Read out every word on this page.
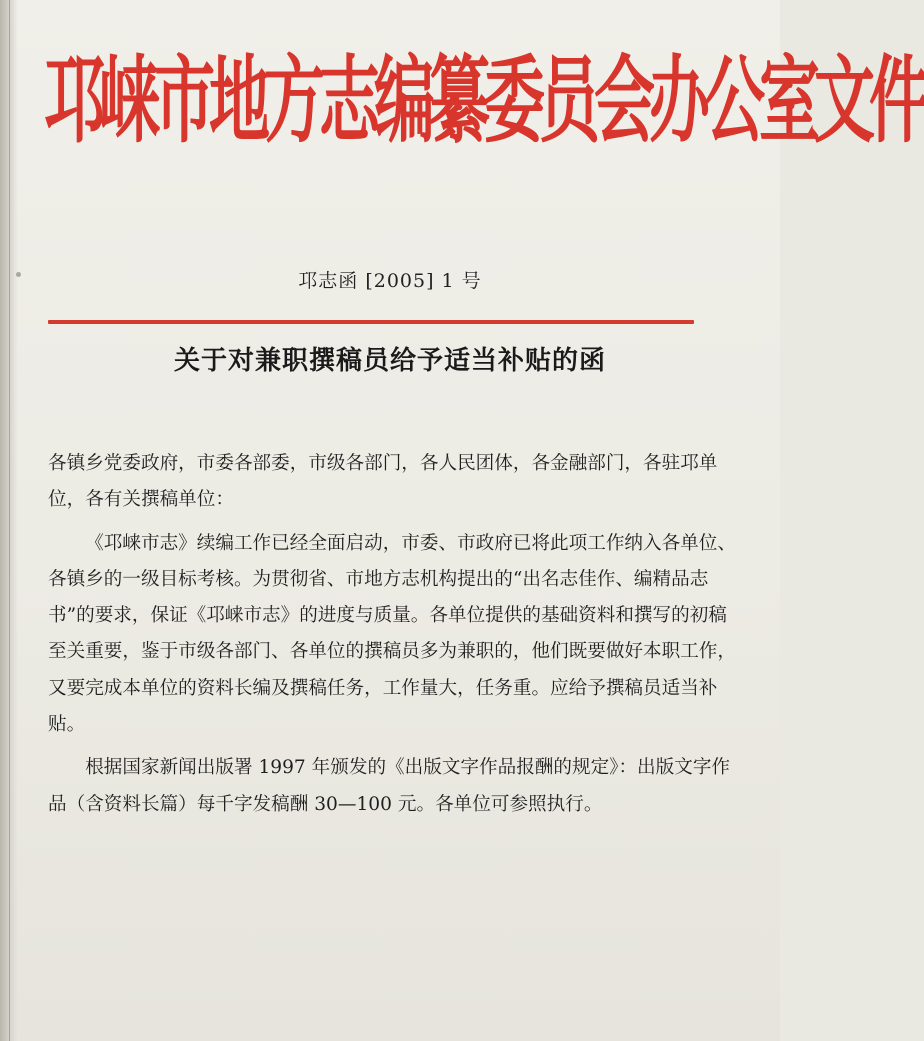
邛崃市地方志编纂委员会办公室文件
邛志函 [2005] 1 号
关于对兼职撰稿员给予适当补贴的函

各镇乡党委政府，市委各部委，市级各部门，各人民团体，各金融部门，各驻邛单位，各有关撰稿单位：

《邛崃市志》续编工作已经全面启动，市委、市政府已将此项工作纳入各单位、各镇乡的一级目标考核。为贯彻省、市地方志机构提出的“出名志佳作、编精品志书”的要求，保证《邛崃市志》的进度与质量。各单位提供的基础资料和撰写的初稿至关重要，鉴于市级各部门、各单位的撰稿员多为兼职的，他们既要做好本职工作，又要完成本单位的资料长编及撰稿任务，工作量大，任务重。应给予撰稿员适当补贴。

根据国家新闻出版署 1997 年颁发的《出版文字作品报酬的规定》：出版文字作品（含资料长篇）每千字发稿酬 30—100 元。各单位可参照执行。
